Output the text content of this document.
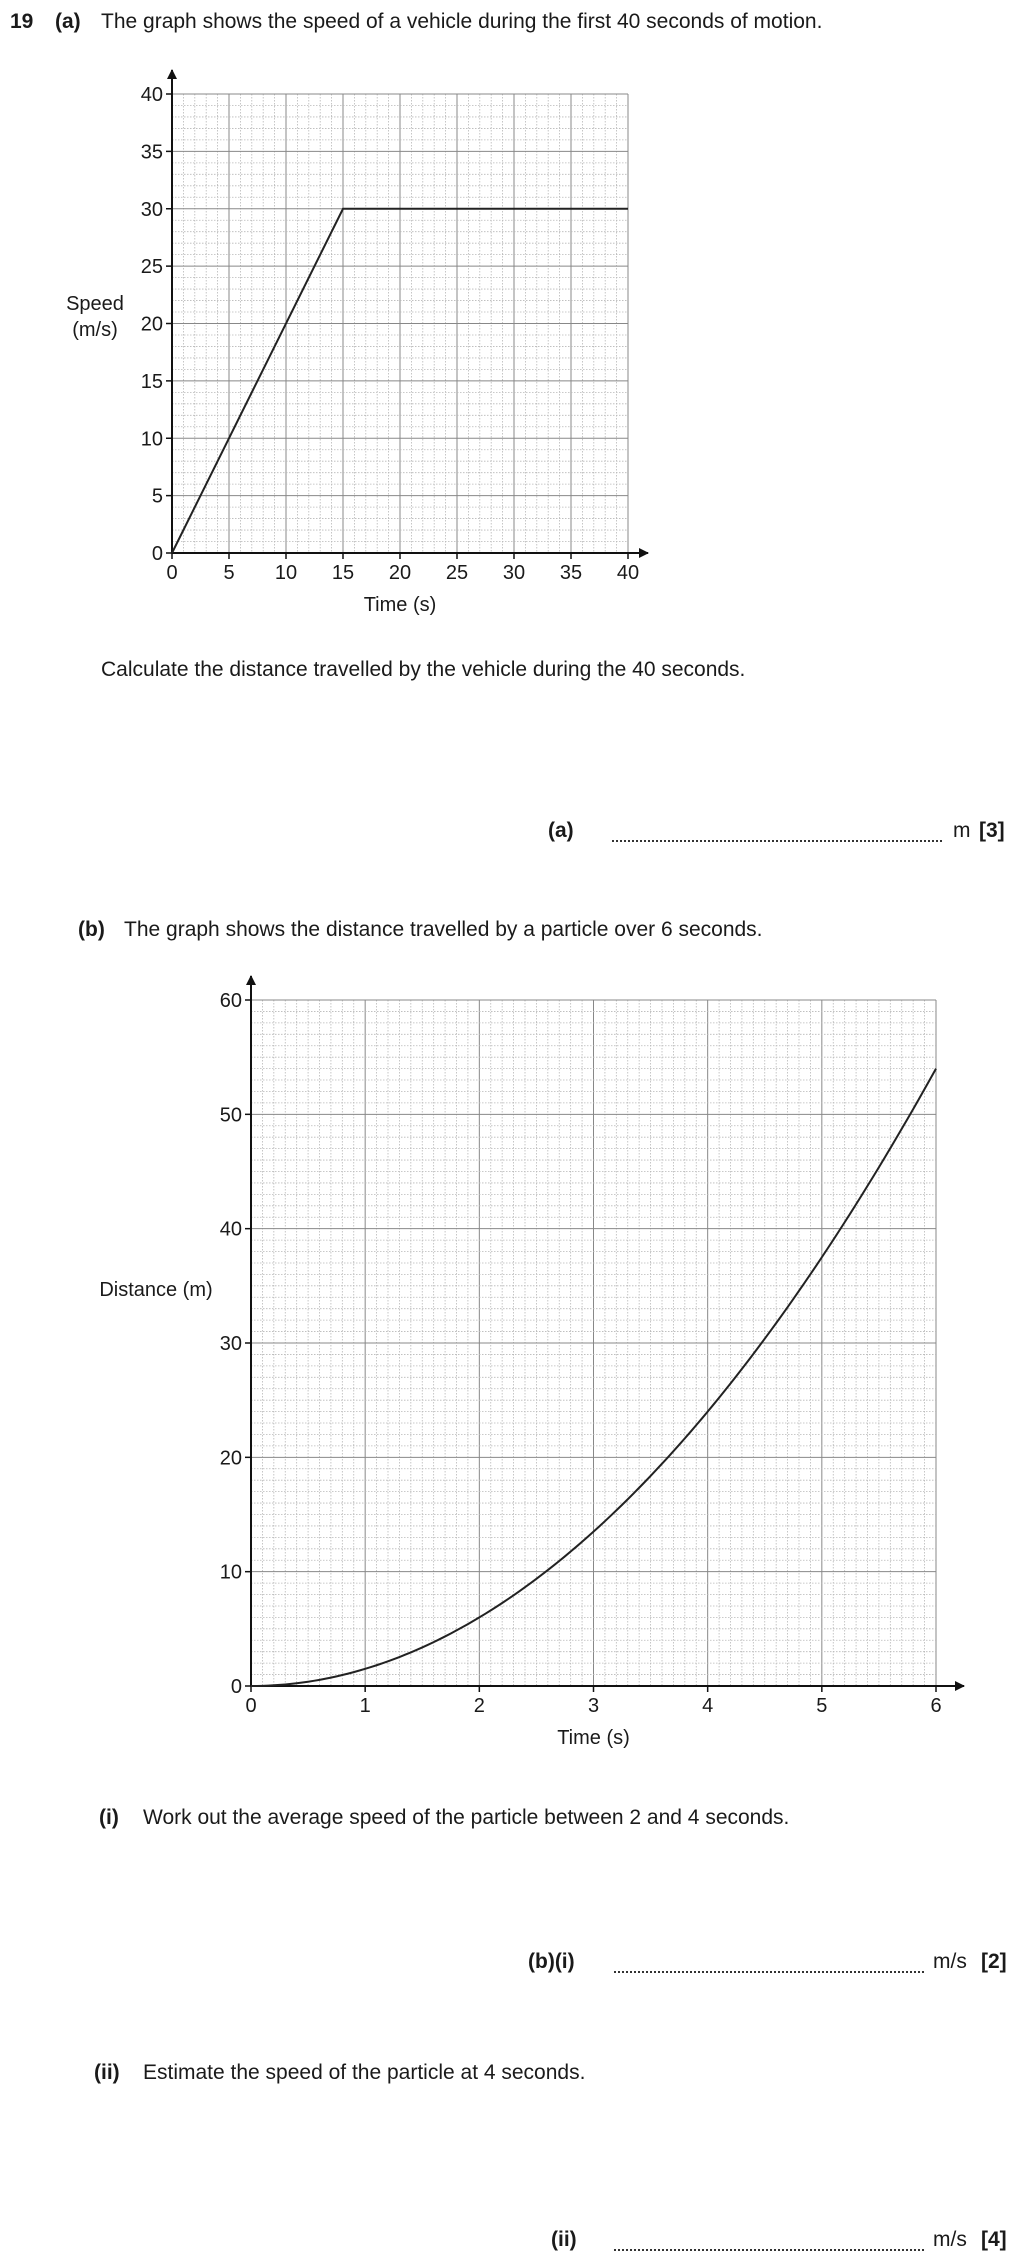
19 (a) The graph shows the speed of a vehicle during the first 40 seconds of motion.
0 5 10 15 20 25 30 35 40
0
5
10
15
20
25
30
35
40
Time (s)
Speed
(m/s)
Calculate the distance travelled by the vehicle during the 40 seconds.
(a)	m [3]
(b) The graph shows the distance travelled by a particle over 6 seconds.
0	1	2	3	4	5	6
0
10
20
30
40
50
60
Time (s)
Distance (m)
(i) Work out the average speed of the particle between 2 and 4 seconds.
(b)(i)	m/s [2]
(ii) Estimate the speed of the particle at 4 seconds.
(ii)	m/s [4]
